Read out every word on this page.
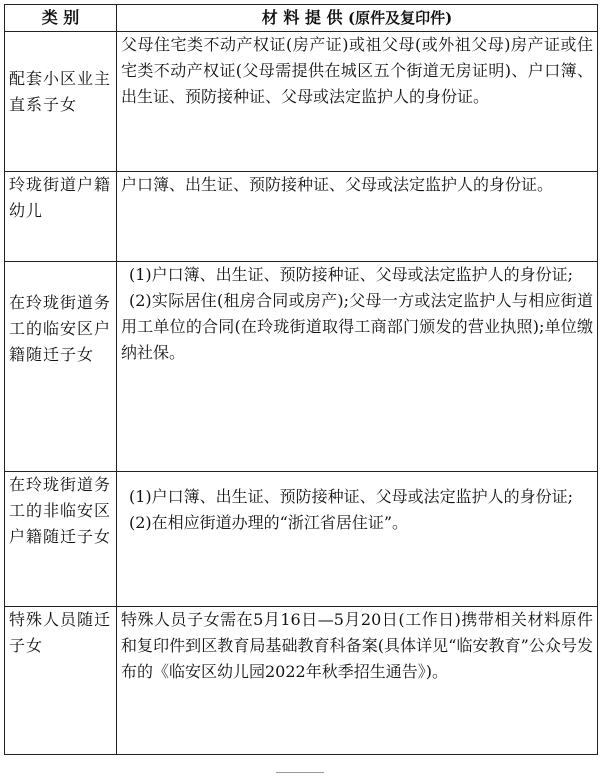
类 别	材 料 提 供 (原件及复印件)
配套小区业主直系子女	父母住宅类不动产权证(房产证)或祖父母(或外祖父母)房产证或住宅类不动产权证(父母需提供在城区五个街道无房证明)、户口簿、出生证、预防接种证、父母或法定监护人的身份证。

玲珑街道户籍幼儿	户口簿、出生证、预防接种证、父母或法定监护人的身份证。

在玲珑街道务工的临安区户籍随迁子女	(1)户口簿、出生证、预防接种证、父母或法定监护人的身份证;

(2)实际居住(租房合同或房产);父母一方或法定监护人与相应街道用工单位的合同(在玲珑街道取得工商部门颁发的营业执照);单位缴纳社保。

在玲珑街道务工的非临安区户籍随迁子女	(1)户口簿、出生证、预防接种证、父母或法定监护人的身份证;

(2)在相应街道办理的“浙江省居住证”。

特殊人员随迁子女	特殊人员子女需在5月16日—5月20日(工作日)携带相关材料原件和复印件到区教育局基础教育科备案(具体详见“临安教育”公众号发布的《临安区幼儿园2022年秋季招生通告》)。
